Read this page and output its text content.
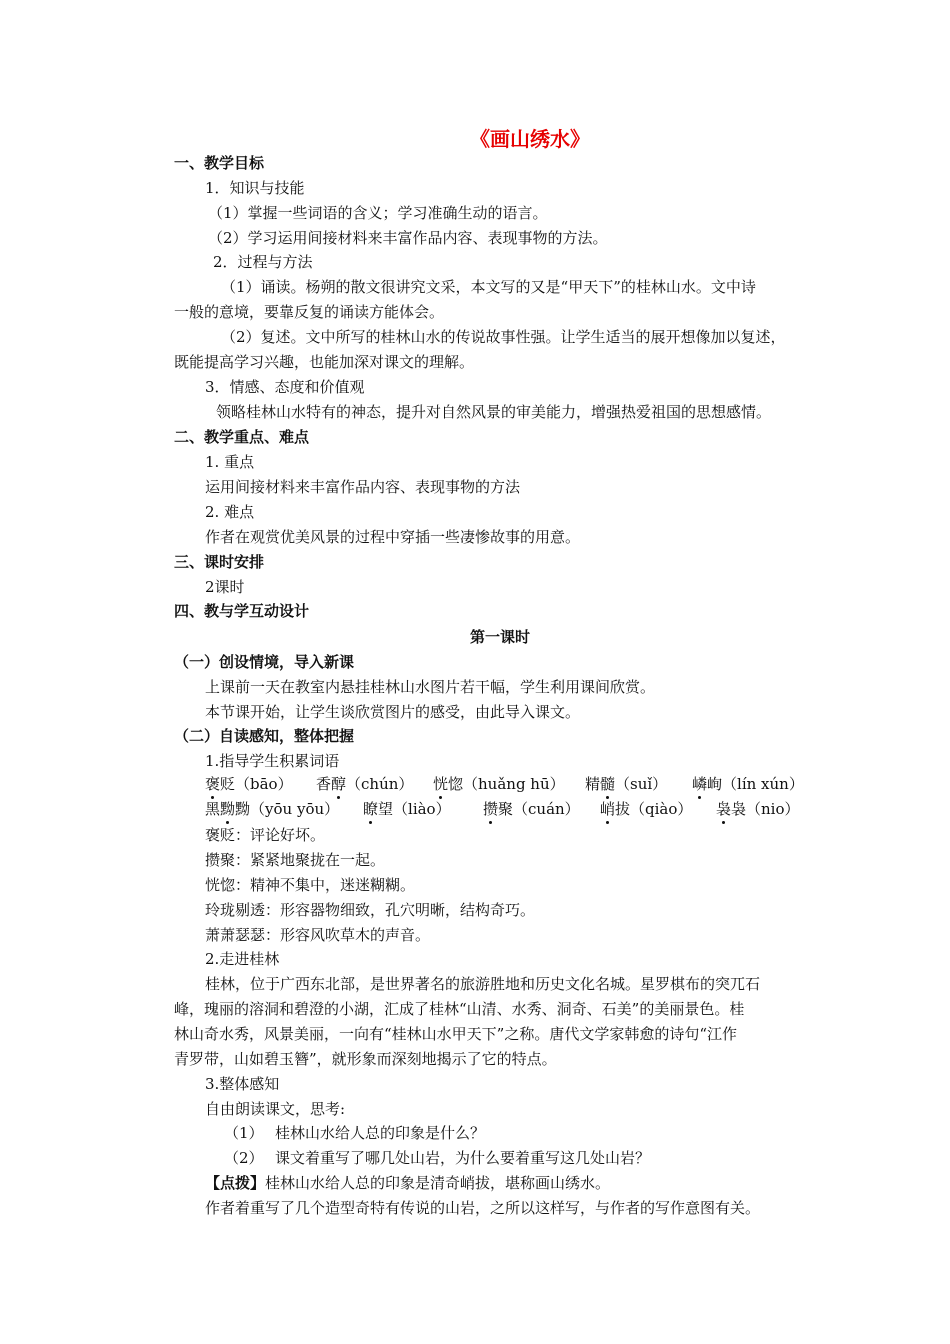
《画山绣水》
一、教学目标
1．知识与技能
（1）掌握一些词语的含义；学习准确生动的语言。
（2）学习运用间接材料来丰富作品内容、表现事物的方法。
2．过程与方法
（1）诵读。杨朔的散文很讲究文采，本文写的又是“甲天下”的桂林山水。文中诗
一般的意境，要靠反复的诵读方能体会。
（2）复述。文中所写的桂林山水的传说故事性强。让学生适当的展开想像加以复述，
既能提高学习兴趣，也能加深对课文的理解。
3．情感、态度和价值观
领略桂林山水特有的神态，提升对自然风景的审美能力，增强热爱祖国的思想感情。
二、教学重点、难点
1. 重点
运用间接材料来丰富作品内容、表现事物的方法
2. 难点
作者在观赏优美风景的过程中穿插一些凄惨故事的用意。
三、课时安排
2课时
四、教与学互动设计
第一课时
（一）创设情境，导入新课
上课前一天在教室内悬挂桂林山水图片若干幅，学生利用课间欣赏。
本节课开始，让学生谈欣赏图片的感受，由此导入课文。
（二）自读感知，整体把握
1.指导学生积累词语
褒贬（bāo） 香醇（chún） 恍惚（huǎng hū） 精髓（suǐ） 嶙峋（lín xún）
黑黝黝（yōu yōu） 瞭望（liào） 攒聚（cuán） 峭拔（qiào） 袅袅（nio）
褒贬：评论好坏。
攒聚：紧紧地聚拢在一起。
恍惚：精神不集中，迷迷糊糊。
玲珑剔透：形容器物细致，孔穴明晰，结构奇巧。
萧萧瑟瑟：形容风吹草木的声音。
2.走进桂林
桂林，位于广西东北部，是世界著名的旅游胜地和历史文化名城。星罗棋布的突兀石
峰，瑰丽的溶洞和碧澄的小湖，汇成了桂林“山清、水秀、洞奇、石美”的美丽景色。桂
林山奇水秀，风景美丽，一向有“桂林山水甲天下”之称。唐代文学家韩愈的诗句“江作
青罗带，山如碧玉簪”，就形象而深刻地揭示了它的特点。
3.整体感知
自由朗读课文，思考:
（1） 桂林山水给人总的印象是什么？
（2） 课文着重写了哪几处山岩，为什么要着重写这几处山岩？
【点拨】桂林山水给人总的印象是清奇峭拔，堪称画山绣水。
作者着重写了几个造型奇特有传说的山岩，之所以这样写，与作者的写作意图有关。
